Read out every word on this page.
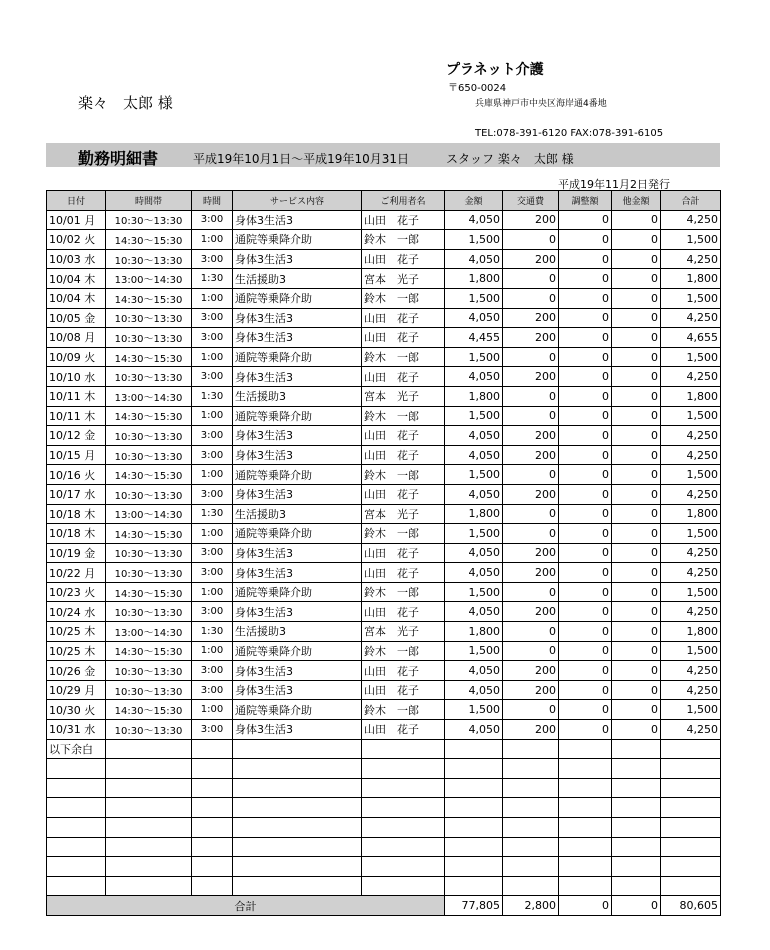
楽々　太郎 様
プラネット介護
〒650-0024
兵庫県神戸市中央区海岸通4番地
TEL:078-391-6120 FAX:078-391-6105
勤務明細書	平成19年10月1日～平成19年10月31日	スタッフ 楽々　太郎 様
平成19年11月2日発行
日付	時間帯	時間	サービス内容	ご利用者名	金額	交通費	調整額	他金額	合計
10/01 月	10:30～13:30	3:00	身体3生活3	山田　花子	4,050	200	0	0	4,250
10/02 火	14:30～15:30	1:00	通院等乗降介助	鈴木　一郎	1,500	0	0	0	1,500
10/03 水	10:30～13:30	3:00	身体3生活3	山田　花子	4,050	200	0	0	4,250
10/04 木	13:00～14:30	1:30	生活援助3	宮本　光子	1,800	0	0	0	1,800
10/04 木	14:30～15:30	1:00	通院等乗降介助	鈴木　一郎	1,500	0	0	0	1,500
10/05 金	10:30～13:30	3:00	身体3生活3	山田　花子	4,050	200	0	0	4,250
10/08 月	10:30～13:30	3:00	身体3生活3	山田　花子	4,455	200	0	0	4,655
10/09 火	14:30～15:30	1:00	通院等乗降介助	鈴木　一郎	1,500	0	0	0	1,500
10/10 水	10:30～13:30	3:00	身体3生活3	山田　花子	4,050	200	0	0	4,250
10/11 木	13:00～14:30	1:30	生活援助3	宮本　光子	1,800	0	0	0	1,800
10/11 木	14:30～15:30	1:00	通院等乗降介助	鈴木　一郎	1,500	0	0	0	1,500
10/12 金	10:30～13:30	3:00	身体3生活3	山田　花子	4,050	200	0	0	4,250
10/15 月	10:30～13:30	3:00	身体3生活3	山田　花子	4,050	200	0	0	4,250
10/16 火	14:30～15:30	1:00	通院等乗降介助	鈴木　一郎	1,500	0	0	0	1,500
10/17 水	10:30～13:30	3:00	身体3生活3	山田　花子	4,050	200	0	0	4,250
10/18 木	13:00～14:30	1:30	生活援助3	宮本　光子	1,800	0	0	0	1,800
10/18 木	14:30～15:30	1:00	通院等乗降介助	鈴木　一郎	1,500	0	0	0	1,500
10/19 金	10:30～13:30	3:00	身体3生活3	山田　花子	4,050	200	0	0	4,250
10/22 月	10:30～13:30	3:00	身体3生活3	山田　花子	4,050	200	0	0	4,250
10/23 火	14:30～15:30	1:00	通院等乗降介助	鈴木　一郎	1,500	0	0	0	1,500
10/24 水	10:30～13:30	3:00	身体3生活3	山田　花子	4,050	200	0	0	4,250
10/25 木	13:00～14:30	1:30	生活援助3	宮本　光子	1,800	0	0	0	1,800
10/25 木	14:30～15:30	1:00	通院等乗降介助	鈴木　一郎	1,500	0	0	0	1,500
10/26 金	10:30～13:30	3:00	身体3生活3	山田　花子	4,050	200	0	0	4,250
10/29 月	10:30～13:30	3:00	身体3生活3	山田　花子	4,050	200	0	0	4,250
10/30 火	14:30～15:30	1:00	通院等乗降介助	鈴木　一郎	1,500	0	0	0	1,500
10/31 水	10:30～13:30	3:00	身体3生活3	山田　花子	4,050	200	0	0	4,250
以下余白									

合計					77,805	2,800	0	0	80,605
